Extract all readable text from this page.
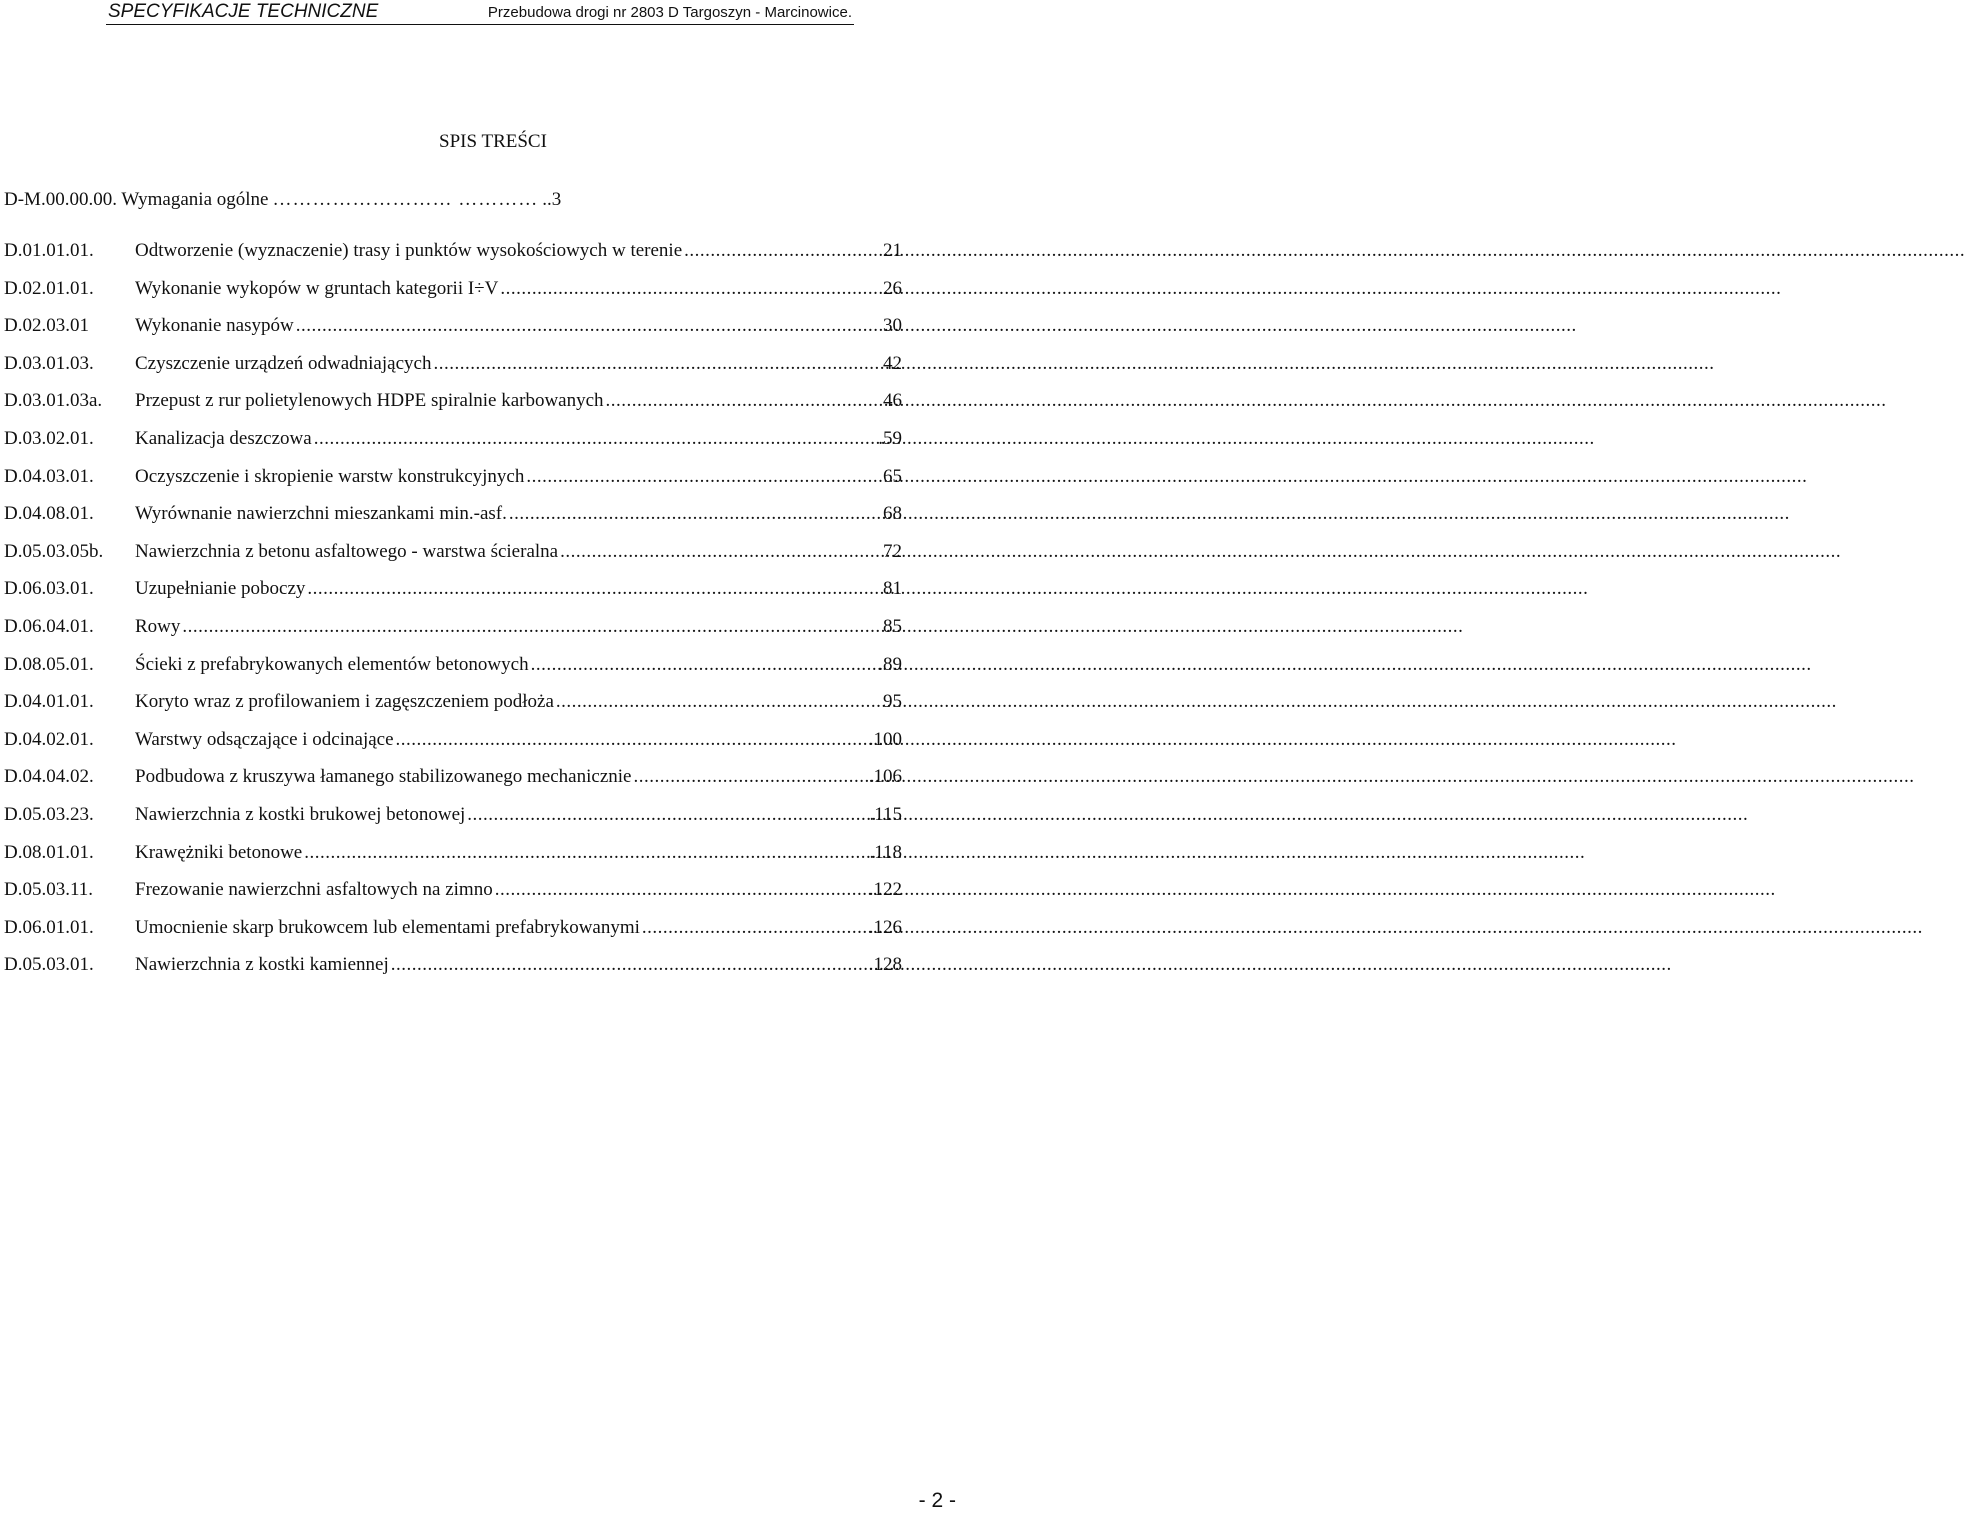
SPECYFIKACJE TECHNICZNE	Przebudowa drogi nr 2803 D Targoszyn - Marcinowice.
SPIS TREŚCI
D-M.00.00.00. Wymagania ogólne ……………………… ………… ..3
D.01.01.01.	Odtworzenie (wyznaczenie) trasy i punktów wysokościowych w terenie .....	21
D.02.01.01.	Wykonanie wykopów w gruntach kategorii I÷V .....	26
D.02.03.01	Wykonanie nasypów .....	30
D.03.01.03.	Czyszczenie urządzeń odwadniających .....	42
D.03.01.03a.	Przepust z rur polietylenowych HDPE spiralnie karbowanych .....	46
D.03.02.01.	Kanalizacja deszczowa .....	.59
D.04.03.01.	Oczyszczenie i skropienie warstw konstrukcyjnych .....	65
D.04.08.01.	Wyrównanie nawierzchni mieszankami min.-asf. .....	68
D.05.03.05b.	Nawierzchnia z betonu asfaltowego - warstwa ścieralna .....	72
D.06.03.01.	Uzupełnianie poboczy .....	81
D.06.04.01.	Rowy .....	85
D.08.05.01.	Ścieki z prefabrykowanych elementów betonowych .....	.89
D.04.01.01.	Koryto wraz z profilowaniem i zagęszczeniem podłoża .....	95
D.04.02.01.	Warstwy odsączające i odcinające .....	.100
D.04.04.02.	Podbudowa z kruszywa łamanego stabilizowanego mechanicznie .....	.106
D.05.03.23.	Nawierzchnia z kostki brukowej betonowej .....	.115
D.08.01.01.	Krawężniki betonowe .....	.118
D.05.03.11.	Frezowanie nawierzchni asfaltowych na zimno .....	.122
D.06.01.01.	Umocnienie skarp brukowcem lub elementami prefabrykowanymi .....	.126
D.05.03.01.	Nawierzchnia z kostki kamiennej .....	.128
- 2 -
